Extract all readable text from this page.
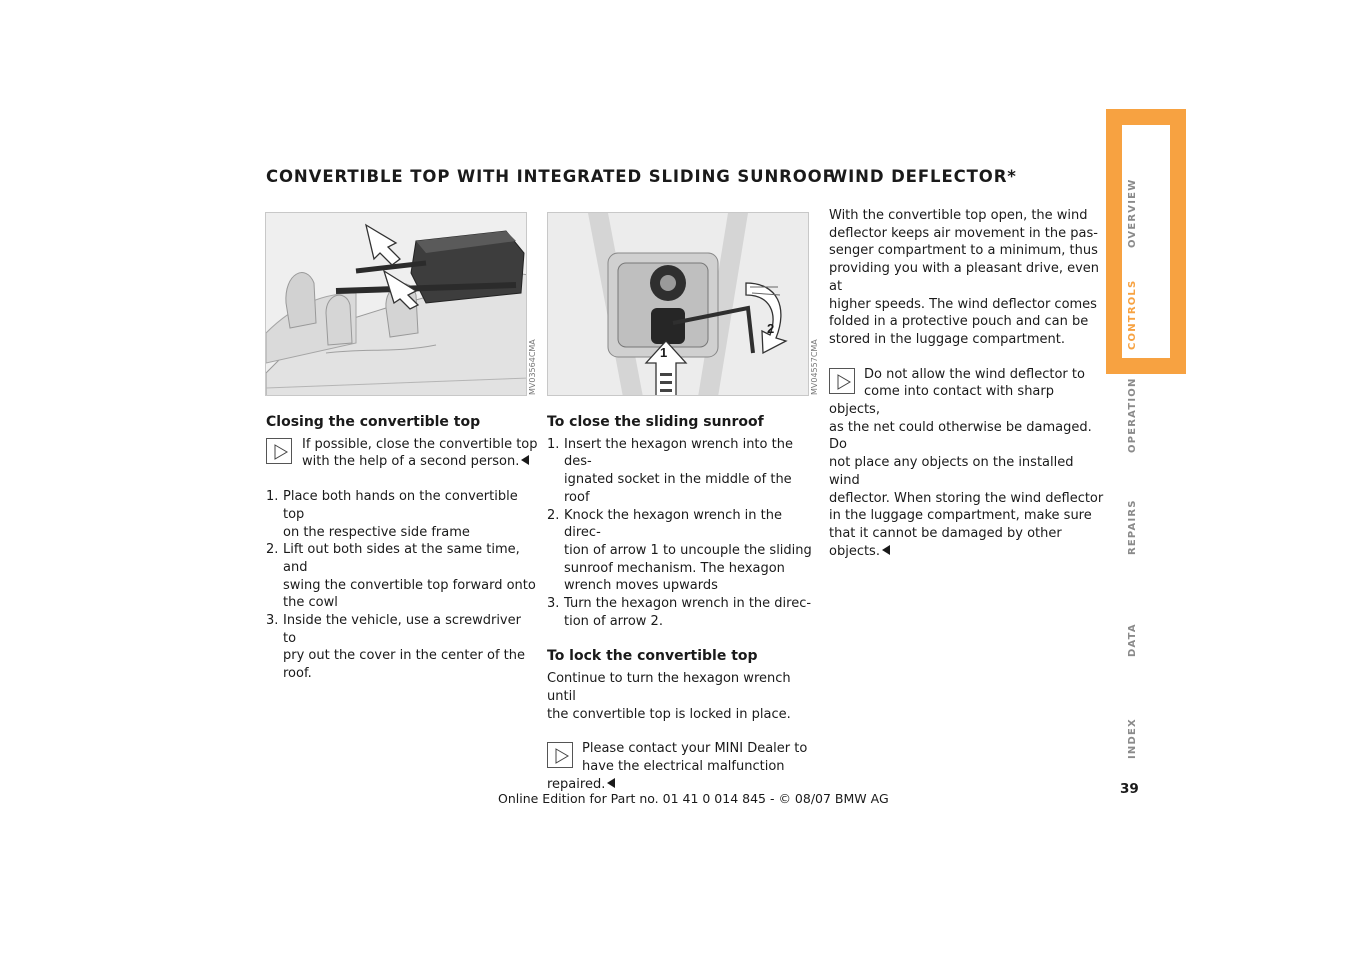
CONVERTIBLE TOP WITH INTEGRATED SLIDING SUNROOF
MV03564CMA	1
2
MV04557CMA
Closing the convertible top

If possible, close the convertible top

with the help of a second person.

1. Place both hands on the convertible top

on the respective side frame

2. Lift out both sides at the same time, and

swing the convertible top forward onto

the cowl

3. Inside the vehicle, use a screwdriver to

pry out the cover in the center of the

roof.

To close the sliding sunroof
1. Insert the hexagon wrench into the des-

ignated socket in the middle of the roof

2. Knock the hexagon wrench in the direc-

tion of arrow 1 to uncouple the sliding

sunroof mechanism. The hexagon

wrench moves upwards

3. Turn the hexagon wrench in the direc-

tion of arrow 2.

To lock the convertible top

Continue to turn the hexagon wrench until

the convertible top is locked in place.

Please contact your MINI Dealer to

have the electrical malfunction

repaired.

WIND DEFLECTOR*

With the convertible top open, the wind

deflector keeps air movement in the pas-

senger compartment to a minimum, thus

providing you with a pleasant drive, even at

higher speeds. The wind deflector comes

folded in a protective pouch and can be

stored in the luggage compartment.

Do not allow the wind deflector to

come into contact with sharp objects,

as the net could otherwise be damaged. Do

not place any objects on the installed wind

deflector. When storing the wind deflector

in the luggage compartment, make sure

that it cannot be damaged by other

objects.

OVERVIEW
CONTROLS
OPERATION
REPAIRS
DATA
INDEX
39
Online Edition for Part no. 01 41 0 014 845 - © 08/07 BMW AG
